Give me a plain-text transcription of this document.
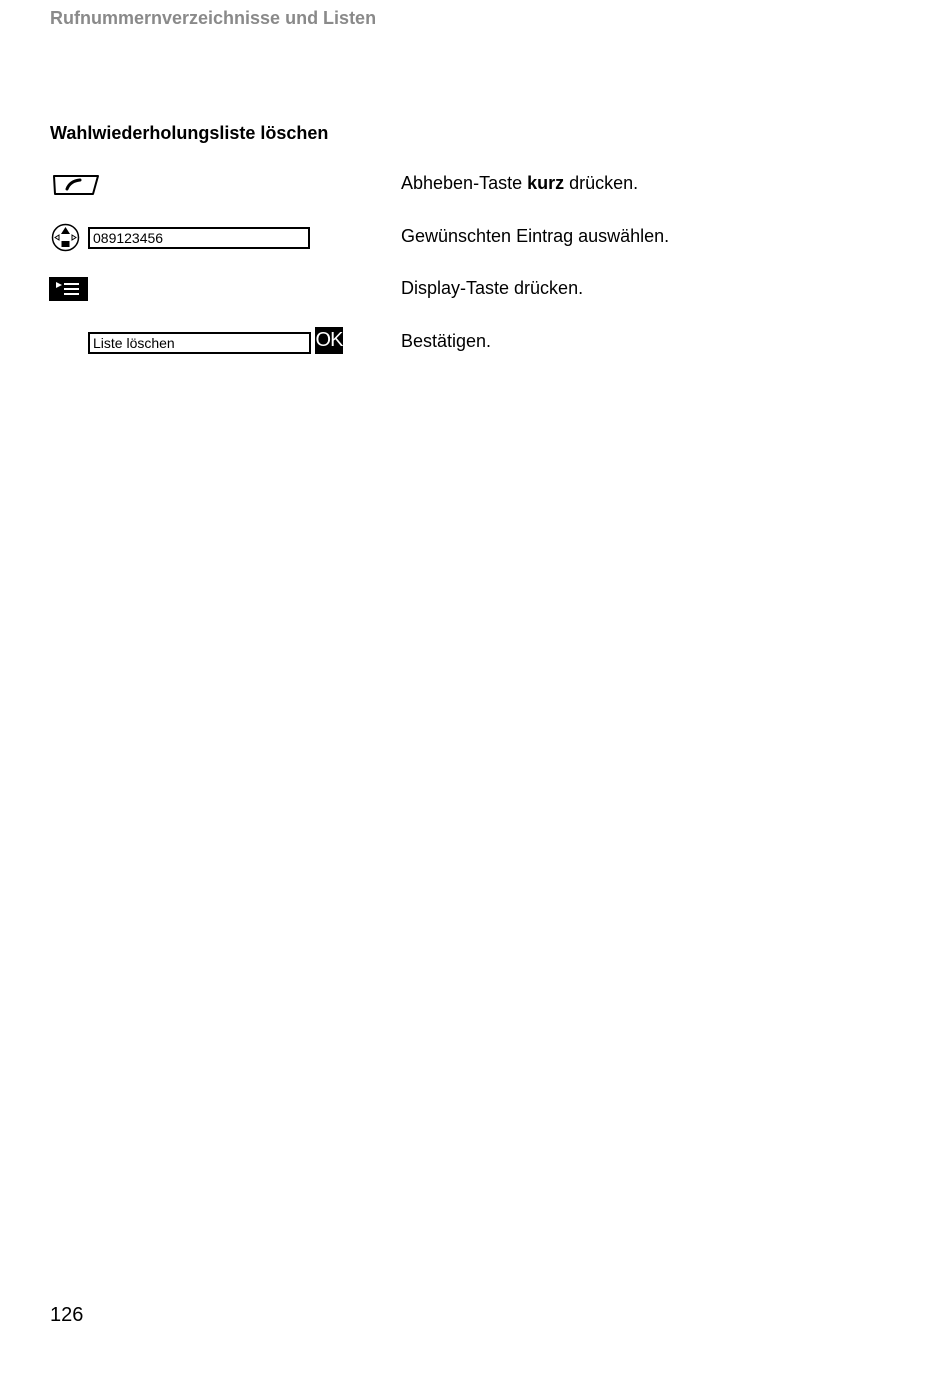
Rufnummernverzeichnisse und Listen
Wahlwiederholungsliste löschen
Abheben-Taste kurz drücken.
089123456	Gewünschten Eintrag auswählen.
Display-Taste drücken.
Liste löschen	OK	Bestätigen.
126
